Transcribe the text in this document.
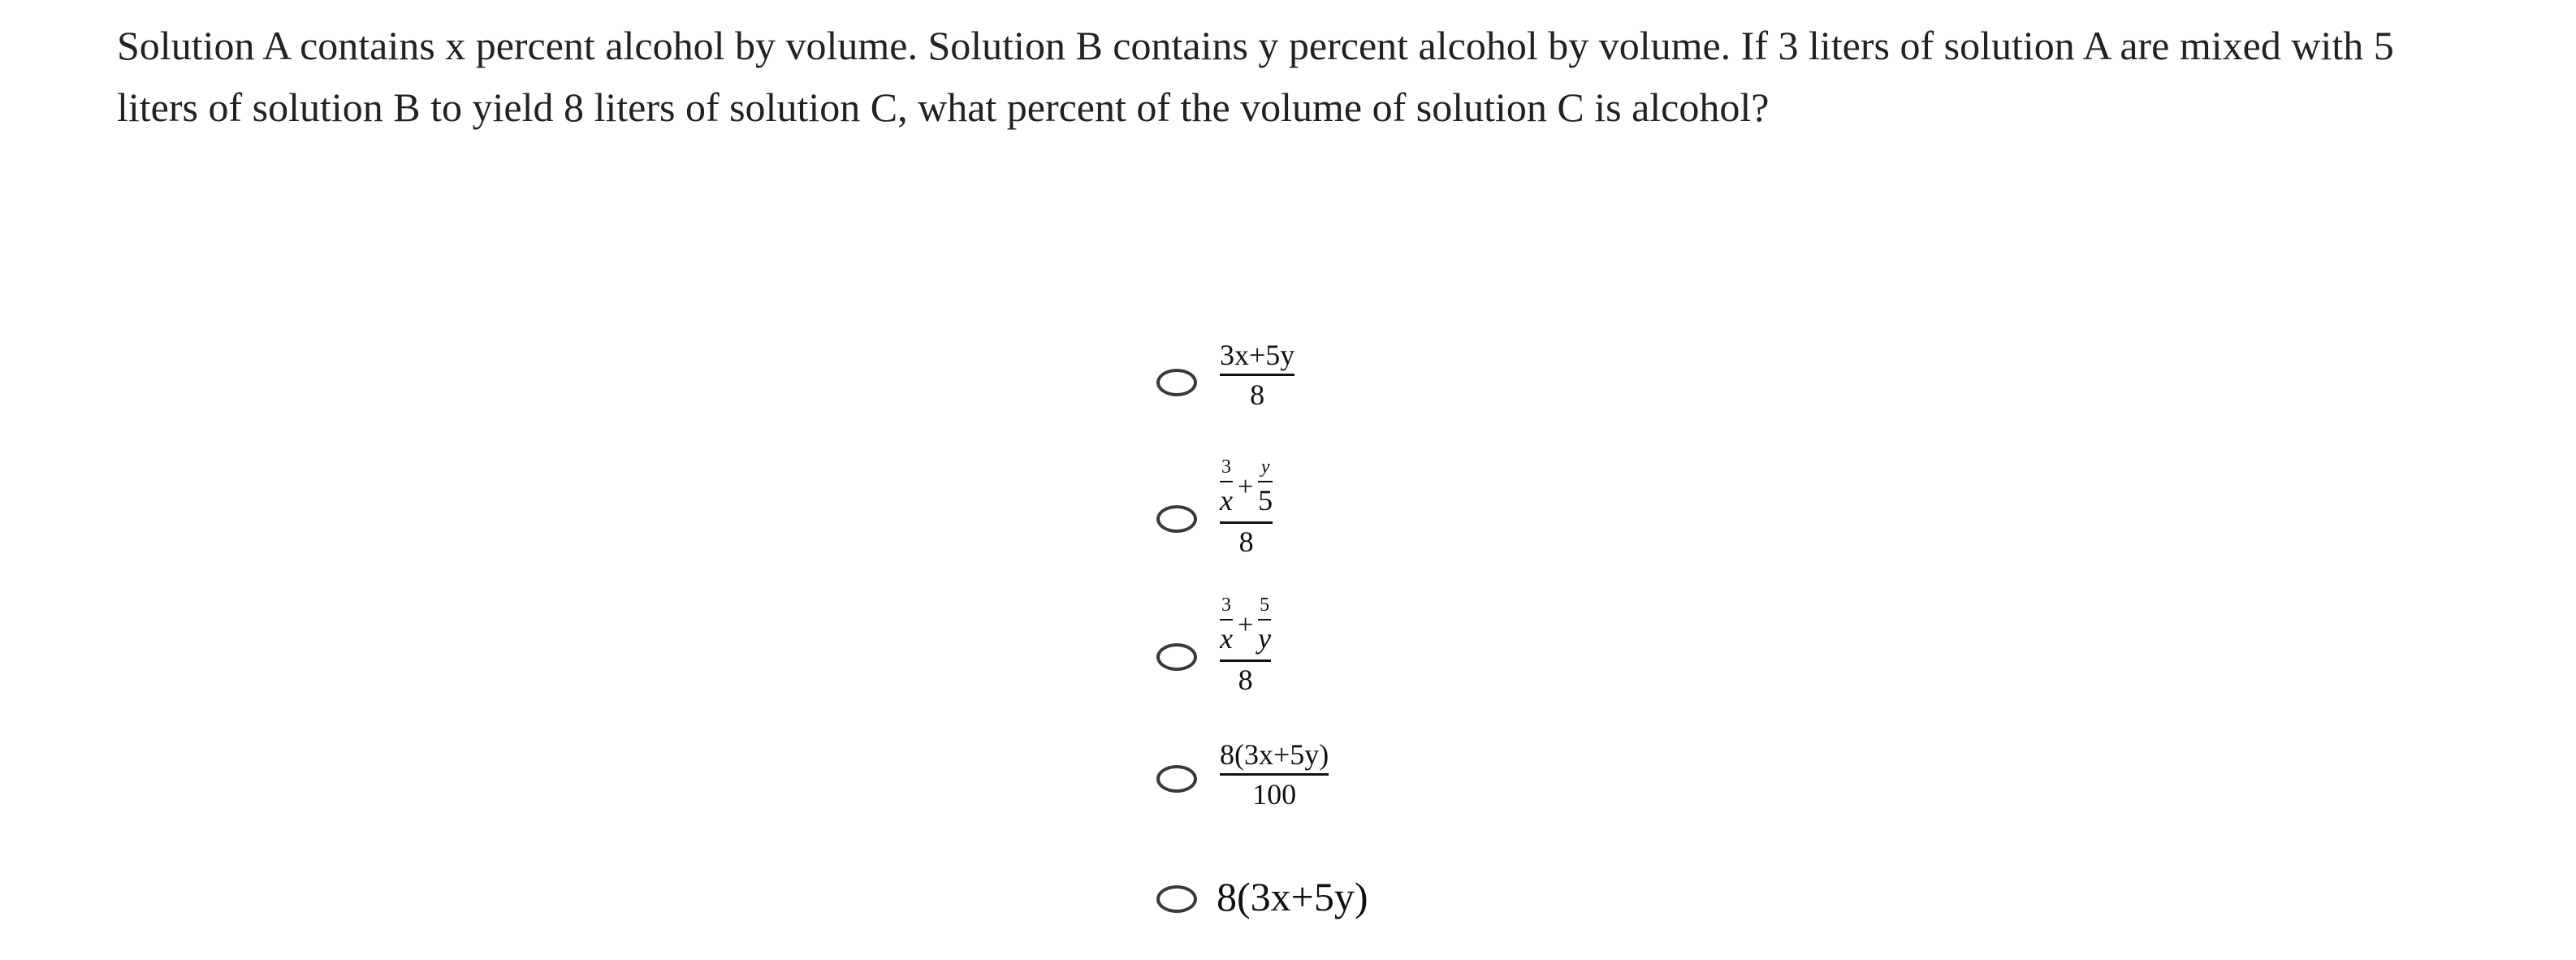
Solution A contains x percent alcohol by volume. Solution B contains y percent alcohol by volume. If 3 liters of solution A are mixed with 5 liters of solution B to yield 8 liters of solution C, what percent of the volume of solution C is alcohol?

3x+5y
8
$\frac{3}{x} + \frac{y}{5}$
8
$\frac{3}{x} + \frac{5}{y}$
8
8(3x+5y)
100
8(3x+5y)
